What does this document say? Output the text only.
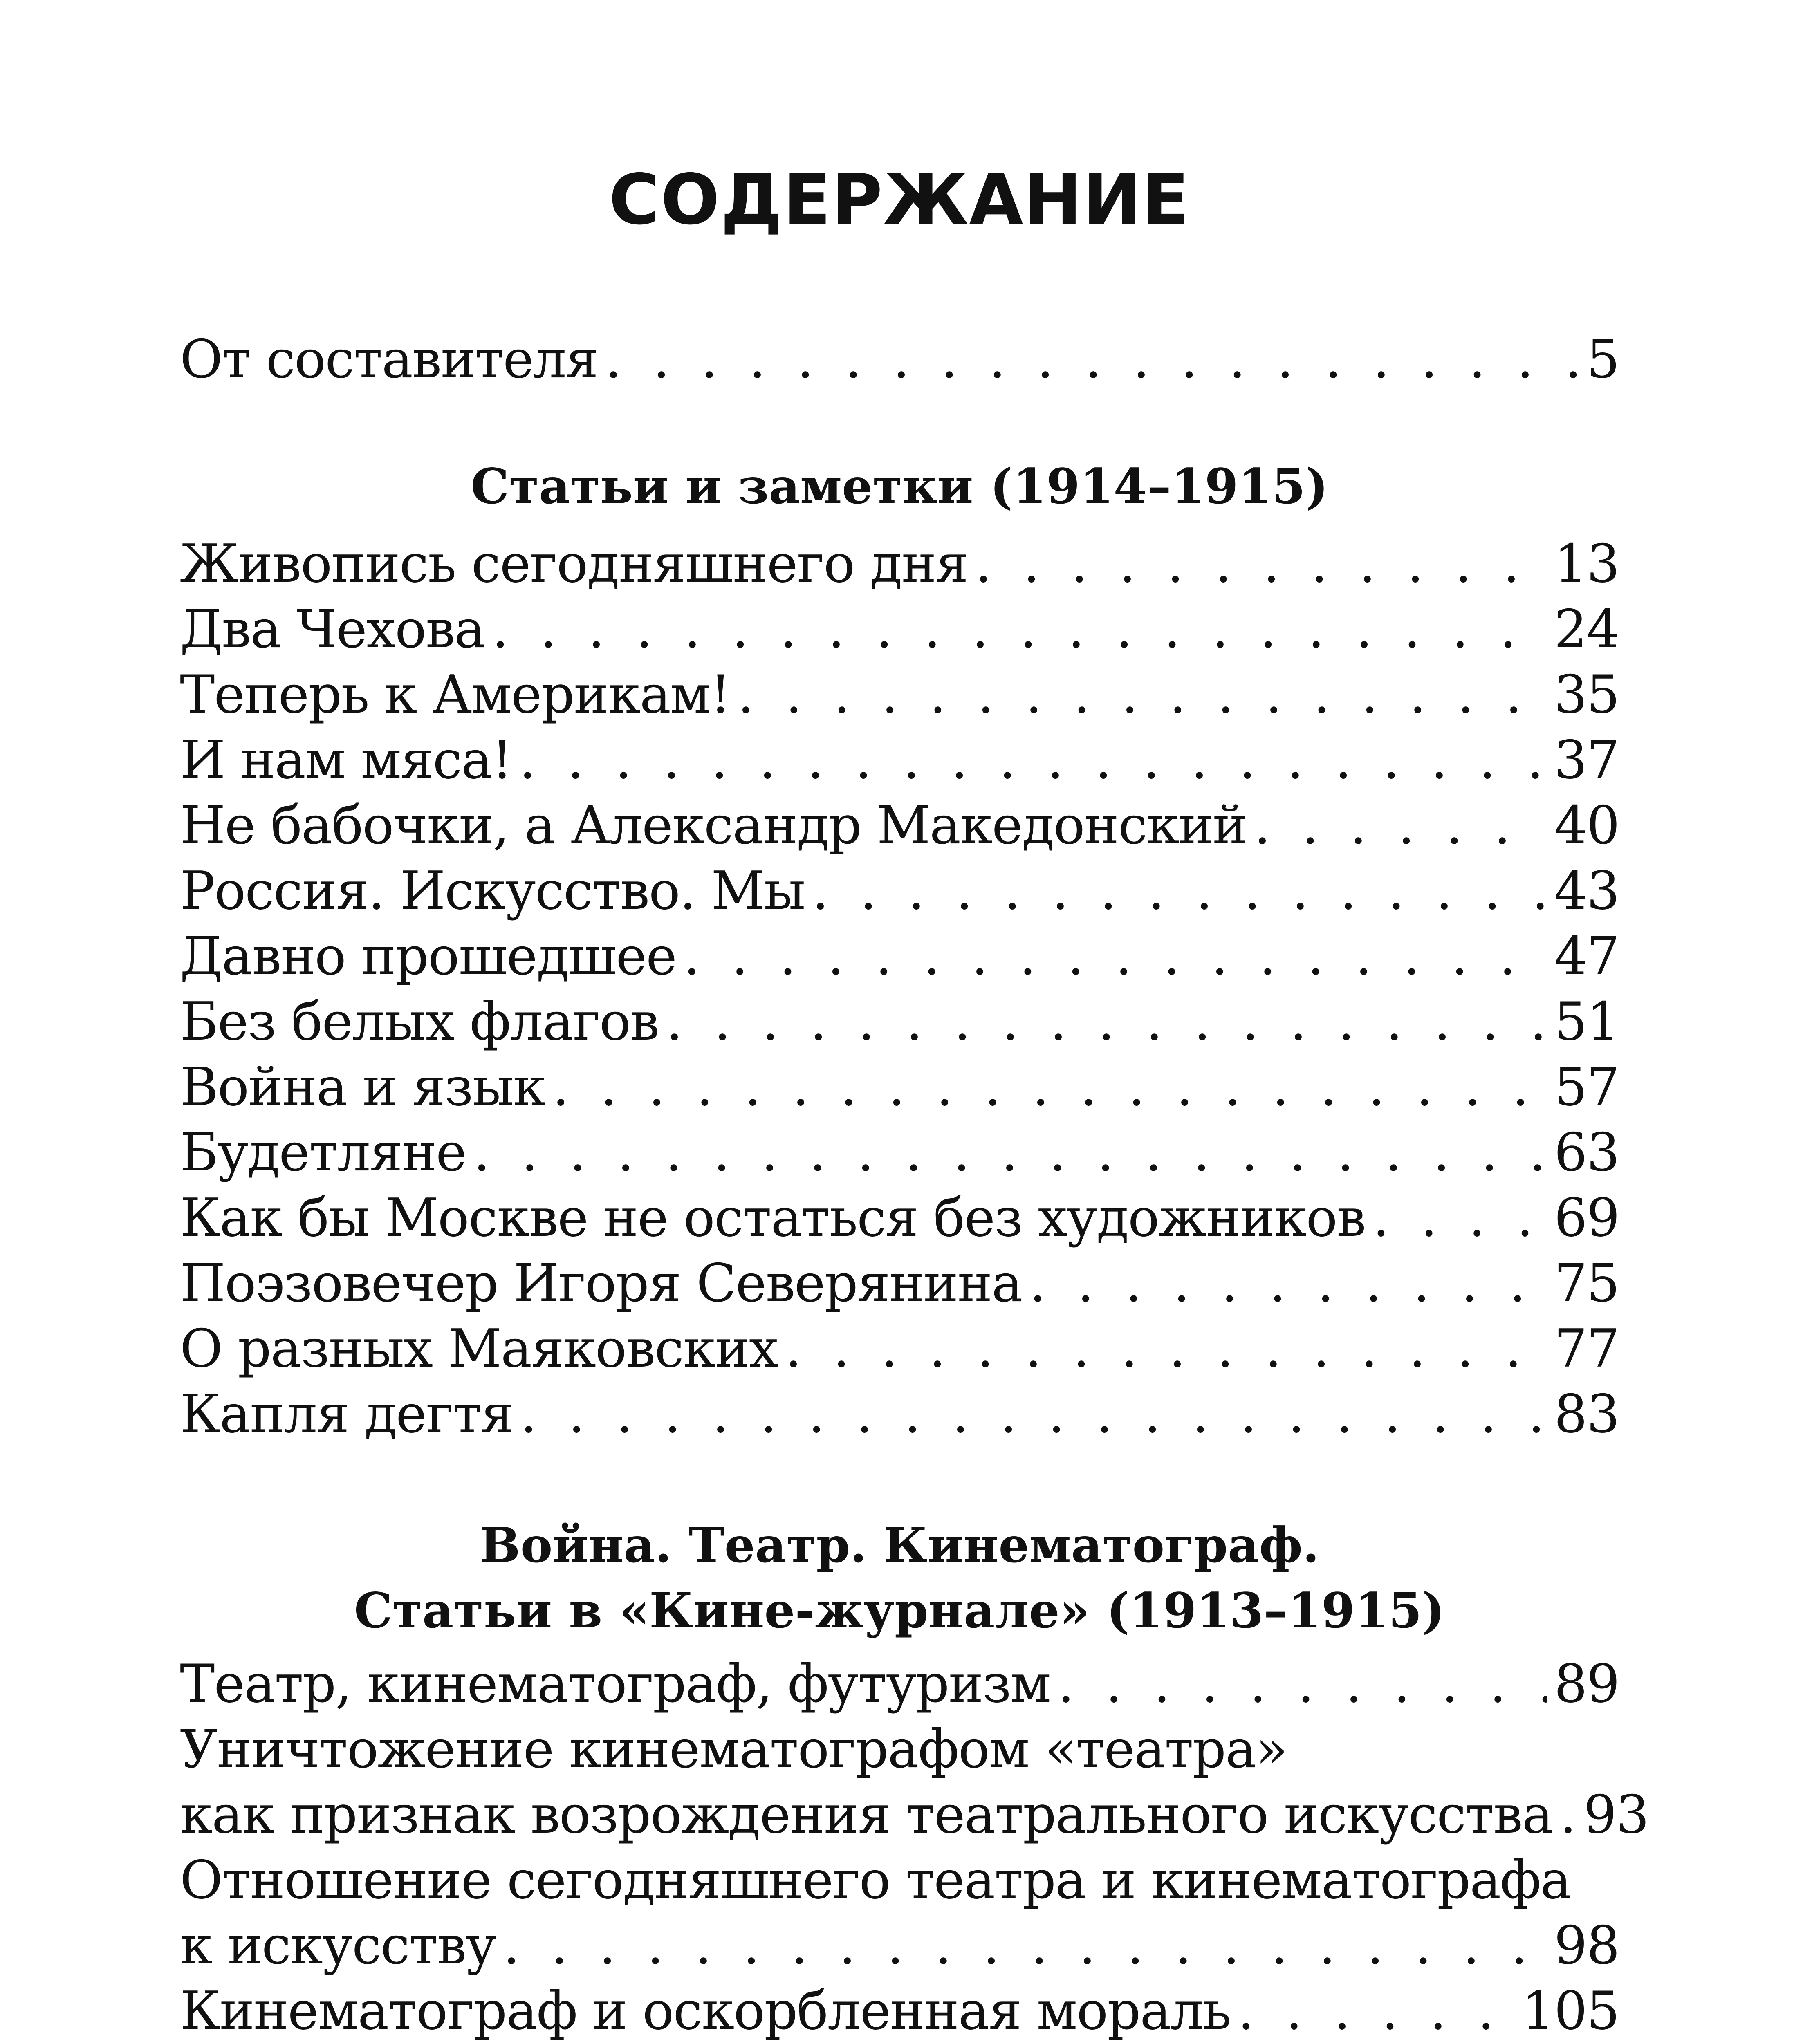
СОДЕРЖАНИЕ
От составителя . . .	5
Статьи и заметки (1914–1915)
Живопись сегодняшнего дня . . .	13
Два Чехова . . .	24
Теперь к Америкам! . . .	35
И нам мяса! . . .	37
Не бабочки, а Александр Македонский . . .	40
Россия. Искусство. Мы . . .	43
Давно прошедшее . . .	47
Без белых флагов . . .	51
Война и язык . . .	57
Будетляне . . .	63
Как бы Москве не остаться без художников . . .	69
Поэзовечер Игоря Северянина . . .	75
О разных Маяковских . . .	77
Капля дегтя . . .	83
Война. Театр. Кинематограф.
Статьи в «Кине-журнале» (1913–1915)
Театр, кинематограф, футуризм . . .	89
Уничтожение кинематографом «театра»
как признак возрождения театрального искусства . . . 93
Отношение сегодняшнего театра и кинематографа
к искусству . . .	98
Кинематограф и оскорбленная мораль . . .	105
